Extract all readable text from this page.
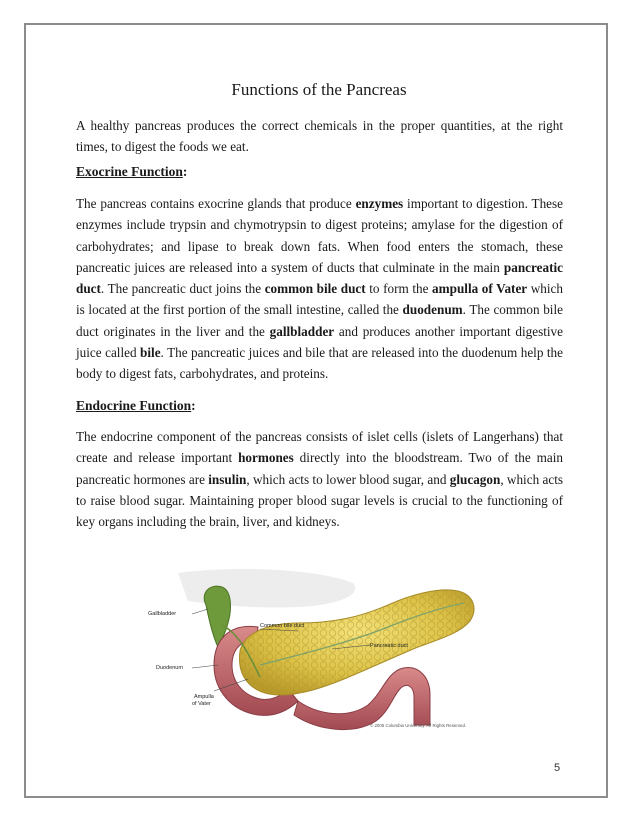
Functions of the Pancreas
A healthy pancreas produces the correct chemicals in the proper quantities, at the right times, to digest the foods we eat.
Exocrine Function:
The pancreas contains exocrine glands that produce enzymes important to digestion. These enzymes include trypsin and chymotrypsin to digest proteins; amylase for the digestion of carbohydrates; and lipase to break down fats. When food enters the stomach, these pancreatic juices are released into a system of ducts that culminate in the main pancreatic duct. The pancreatic duct joins the common bile duct to form the ampulla of Vater which is located at the first portion of the small intestine, called the duodenum. The common bile duct originates in the liver and the gallbladder and produces another important digestive juice called bile. The pancreatic juices and bile that are released into the duodenum help the body to digest fats, carbohydrates, and proteins.
Endocrine Function:
The endocrine component of the pancreas consists of islet cells (islets of Langerhans) that create and release important hormones directly into the bloodstream. Two of the main pancreatic hormones are insulin, which acts to lower blood sugar, and glucagon, which acts to raise blood sugar. Maintaining proper blood sugar levels is crucial to the functioning of key organs including the brain, liver, and kidneys.
Gallbladder
Common bile duct
Pancreatic duct
Duodenum
Ampulla
of Vater
© 2005 Columbia University. All Rights Reserved.
5
